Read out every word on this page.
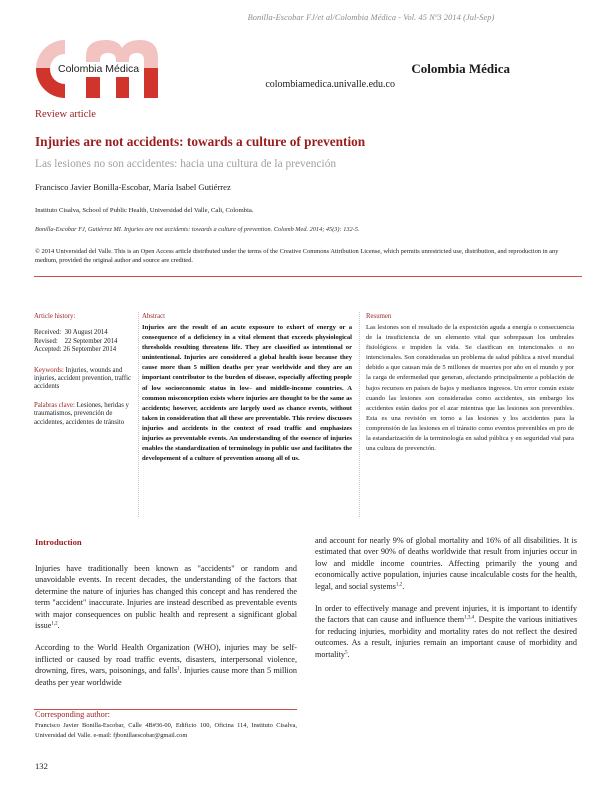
Bonilla-Escobar FJ/et al/Colombia Médica - Vol. 45 Nº3 2014 (Jul-Sep)
Colombia Médica	Colombia Médica
colombiamedica.univalle.edu.co
Review article
Injuries are not accidents: towards a culture of prevention
Las lesiones no son accidentes: hacia una cultura de la prevención
Francisco Javier Bonilla-Escobar, María Isabel Gutiérrez
Instituto Cisalva, School of Public Health, Universidad del Valle, Cali, Colombia.
Bonilla-Escobar FJ, Gutiérrez MI. Injuries are not accidents: towards a culture of prevention. Colomb Med. 2014; 45(3): 132-5.
© 2014 Universidad del Valle. This is an Open Access article distributed under the terms of the Creative Commons Attribution License, which permits unrestricted use, distribution, and reproduction in any medium, provided the original author and source are credited.
Article history:
Received: 30 August 2014
Revised: 22 September 2014
Accepted: 26 September 2014
Keywords: Injuries, wounds and injuries, accident prevention, traffic accidents
Palabras clave: Lesiones, heridas y traumatismos, prevención de accidentes, accidentes de tránsito
Abstract
Injuries are the result of an acute exposure to exhort of energy or a consequence of a deficiency in a vital element that exceeds physiological thresholds resulting threatens life. They are classified as intentional or unintentional. Injuries are considered a global health issue because they cause more than 5 million deaths per year worldwide and they are an important contributor to the burden of disease, especially affecting people of low socioeconomic status in low- and middle-income countries. A common misconception exists where injuries are thought to be the same as accidents; however, accidents are largely used as chance events, without taken in consideration that all these are preventable. This review discusses injuries and accidents in the context of road traffic and emphasizes injuries as preventable events. An understanding of the essence of injuries enables the standardization of terminology in public use and facilitates the developement of a culture of prevention among all of us.
Resumen
Las lesiones son el resultado de la exposición aguda a energía o consecuencia de la insuficiencia de un elemento vital que sobrepasan los umbrales fisiológicos e impiden la vida. Se clasifican en intencionales o no intencionales. Son consideradas un problema de salud pública a nivel mundial debido a que causan más de 5 millones de muertes por año en el mundo y por la carga de enfermedad que generan, afectando principalmente a población de bajos recursos en países de bajos y medianos ingresos. Un error común existe cuando las lesiones son consideradas como accidentes, sin embargo los accidentes están dados por el azar mientras que las lesiones son prevenibles. Esta es una revisión en torno a las lesiones y los accidentes para la comprensión de las lesiones en el tránsito como eventos prevenibles en pro de la estandarización de la terminología en salud pública y en seguridad vial para una cultura de prevención.
Introduction

Injuries have traditionally been known as "accidents" or random and unavoidable events. In recent decades, the understanding of the factors that determine the nature of injuries has changed this concept and has rendered the term "accident" inaccurate. Injuries are instead described as preventable events with major consequences on public health and represent a significant global issue$^{1,2}$.

According to the World Health Organization (WHO), injuries may be self-inflicted or caused by road traffic events, disasters, interpersonal violence, drowning, fires, wars, poisonings, and falls$^1$. Injuries cause more than 5 million deaths per year worldwide

and account for nearly 9% of global mortality and 16% of all disabilities. It is estimated that over 90% of deaths worldwide that result from injuries occur in low and middle income countries. Affecting primarily the young and economically active population, injuries cause incalculable costs for the health, legal, and social systems$^{1,2}$.

In order to effectively manage and prevent injuries, it is important to identify the factors that can cause and influence them$^{1,3,4}$. Despite the various initiatives for reducing injuries, morbidity and mortality rates do not reflect the desired outcomes. As a result, injuries remain an important cause of morbidity and mortality$^5$.

Corresponding author:
Francisco Javier Bonilla-Escobar, Calle 4B#36-00, Edificio 100, Oficina 114, Instituto Cisalva, Universidad del Valle. e-mail: fjbonillaescobar@gmail.com
132
